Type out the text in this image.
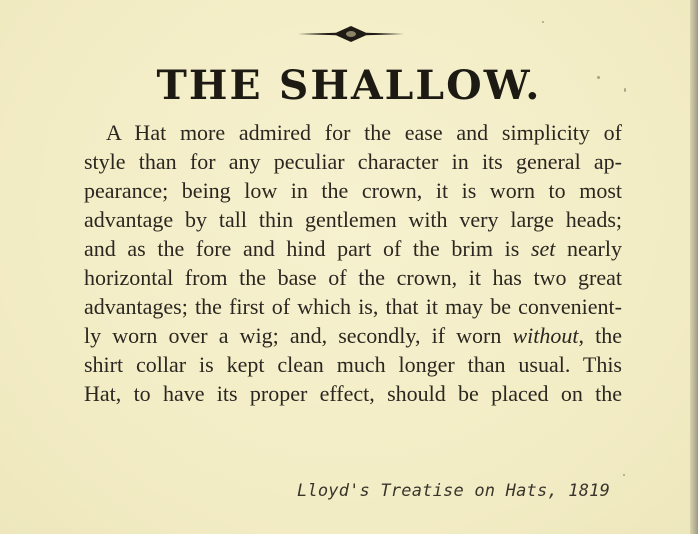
THE SHALLOW.
A Hat more admired for the ease and simplicity of
style than for any peculiar character in its general ap-
pearance; being low in the crown, it is worn to most
advantage by tall thin gentlemen with very large heads;
and as the fore and hind part of the brim is set nearly
horizontal from the base of the crown, it has two great
advantages; the first of which is, that it may be convenient-
ly worn over a wig; and, secondly, if worn without, the
shirt collar is kept clean much longer than usual. This
Hat, to have its proper effect, should be placed on the
Lloyd's Treatise on Hats, 1819
